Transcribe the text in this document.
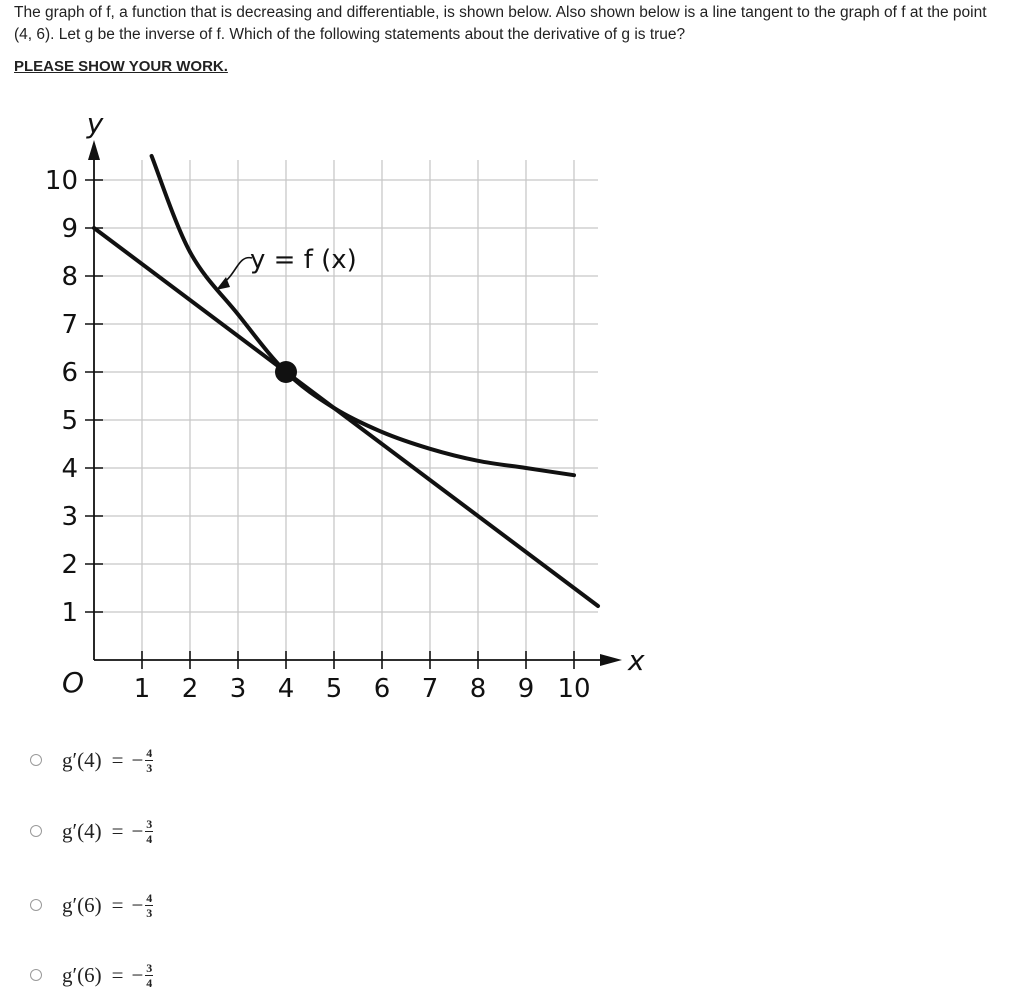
The graph of f, a function that is decreasing and differentiable, is shown below. Also shown below is a line tangent to the graph of f at the point (4, 6). Let g be the inverse of f. Which of the following statements about the derivative of g is true?
PLEASE SHOW YOUR WORK.
1 2 3 4 5 6 7 8 9 10
1
2
3
4
5
6
7
8
9
10
x
y
O
y = f (x)
g′(4) = − $\frac{4}{3}$
g′(4) = − $\frac{3}{4}$
g′(6) = − $\frac{4}{3}$
g′(6) = − $\frac{3}{4}$
